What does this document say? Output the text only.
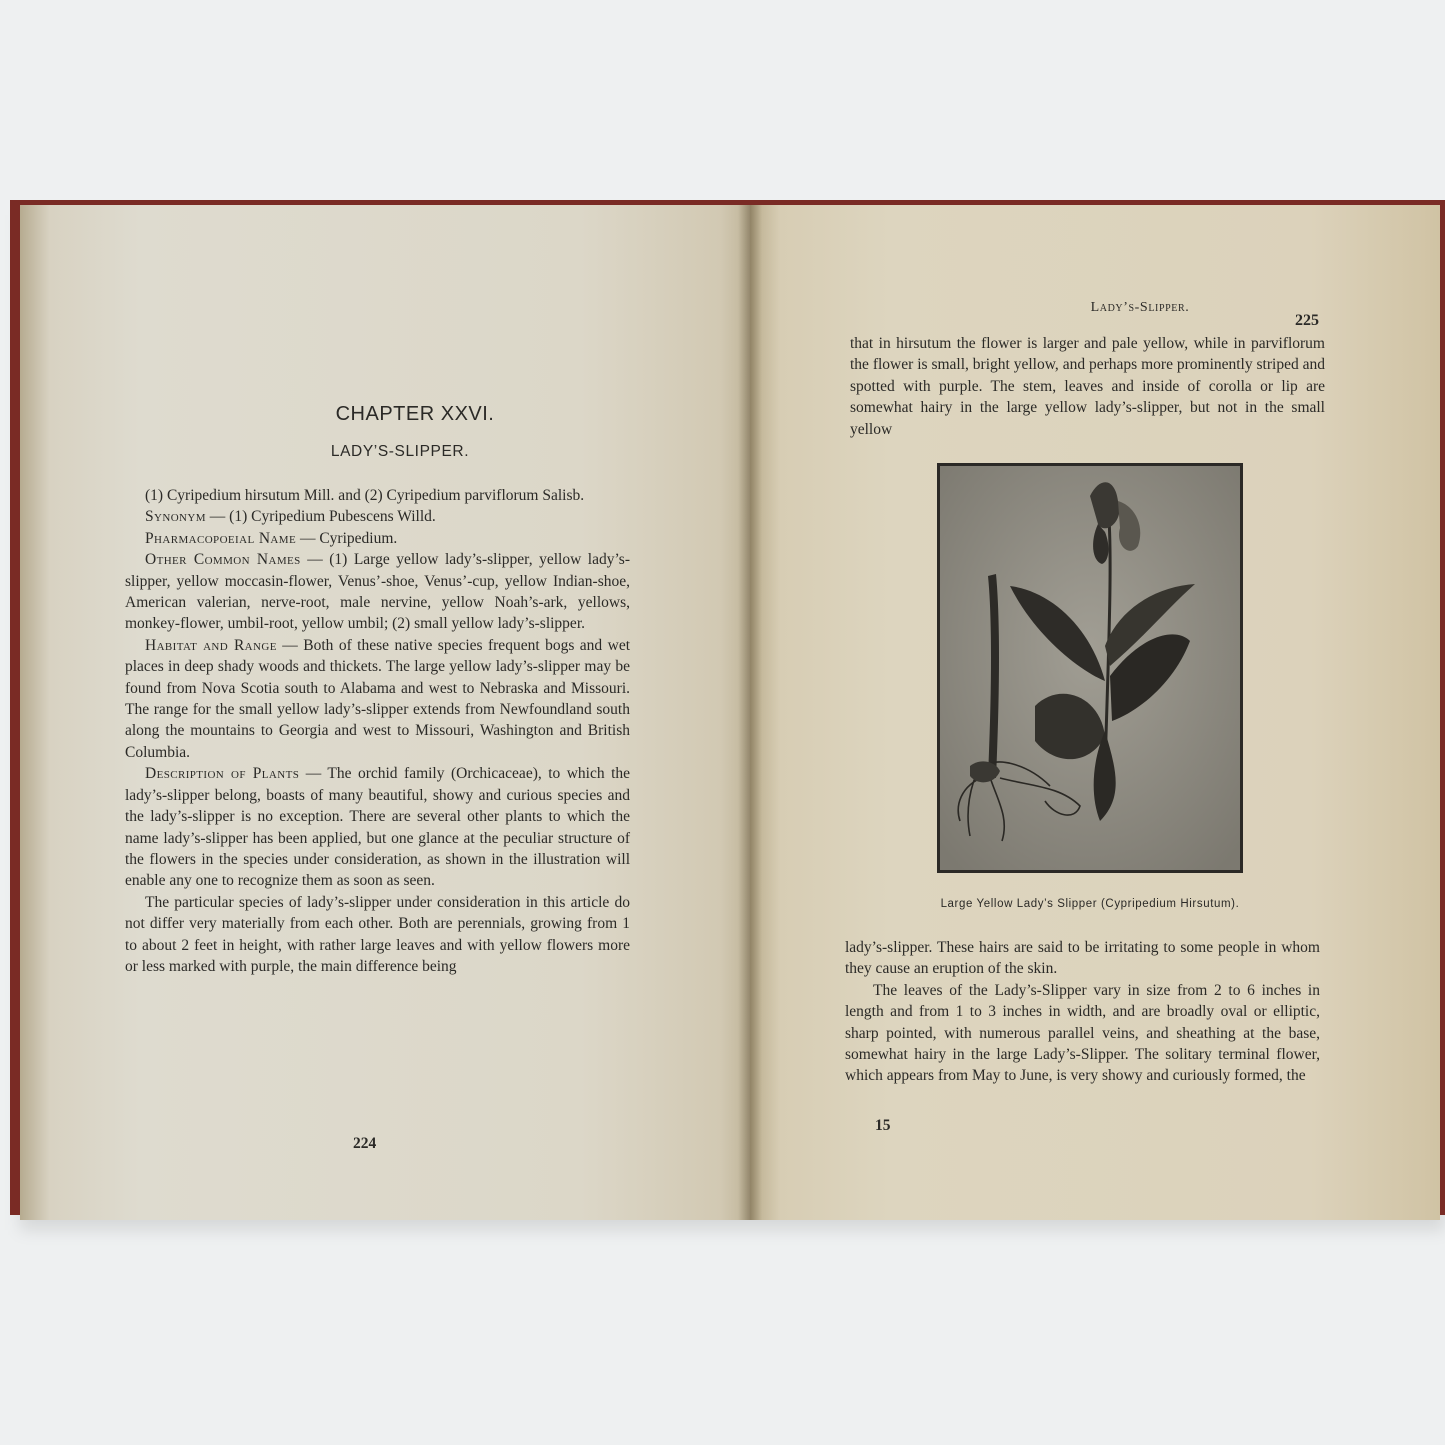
CHAPTER XXVI.
LADY’S-SLIPPER.

(1) Cyripedium hirsutum Mill. and (2) Cyripedium parviflorum Salisb.

Synonym — (1) Cyripedium Pubescens Willd.

Pharmacopoeial Name — Cyripedium.

Other Common Names — (1) Large yellow lady’s-slipper, yellow lady’s-slipper, yellow moccasin-flower, Venus’-shoe, Venus’-cup, yellow Indian-shoe, American valerian, nerve-root, male nervine, yellow Noah’s-ark, yellows, monkey-flower, umbil-root, yellow umbil; (2) small yellow lady’s-slipper.

Habitat and Range — Both of these native species frequent bogs and wet places in deep shady woods and thickets. The large yellow lady’s-slipper may be found from Nova Scotia south to Alabama and west to Nebraska and Missouri. The range for the small yellow lady’s-slipper extends from Newfoundland south along the mountains to Georgia and west to Missouri, Washington and British Columbia.

Description of Plants — The orchid family (Orchicaceae), to which the lady’s-slipper belong, boasts of many beautiful, showy and curious species and the lady’s-slipper is no exception. There are several other plants to which the name lady’s-slipper has been applied, but one glance at the peculiar structure of the flowers in the species under consideration, as shown in the illustration will enable any one to recognize them as soon as seen.

The particular species of lady’s-slipper under consideration in this article do not differ very materially from each other. Both are perennials, growing from 1 to about 2 feet in height, with rather large leaves and with yellow flowers more or less marked with purple, the main difference being

224
Lady’s-Slipper.
225

that in hirsutum the flower is larger and pale yellow, while in parviflorum the flower is small, bright yellow, and perhaps more prominently striped and spotted with purple. The stem, leaves and inside of corolla or lip are somewhat hairy in the large yellow lady’s-slipper, but not in the small yellow

Large Yellow Lady’s Slipper (Cypripedium Hirsutum).

lady’s-slipper. These hairs are said to be irritating to some people in whom they cause an eruption of the skin.

The leaves of the Lady’s-Slipper vary in size from 2 to 6 inches in length and from 1 to 3 inches in width, and are broadly oval or elliptic, sharp pointed, with numerous parallel veins, and sheathing at the base, somewhat hairy in the large Lady’s-Slipper. The solitary terminal flower, which appears from May to June, is very showy and curiously formed, the

15
